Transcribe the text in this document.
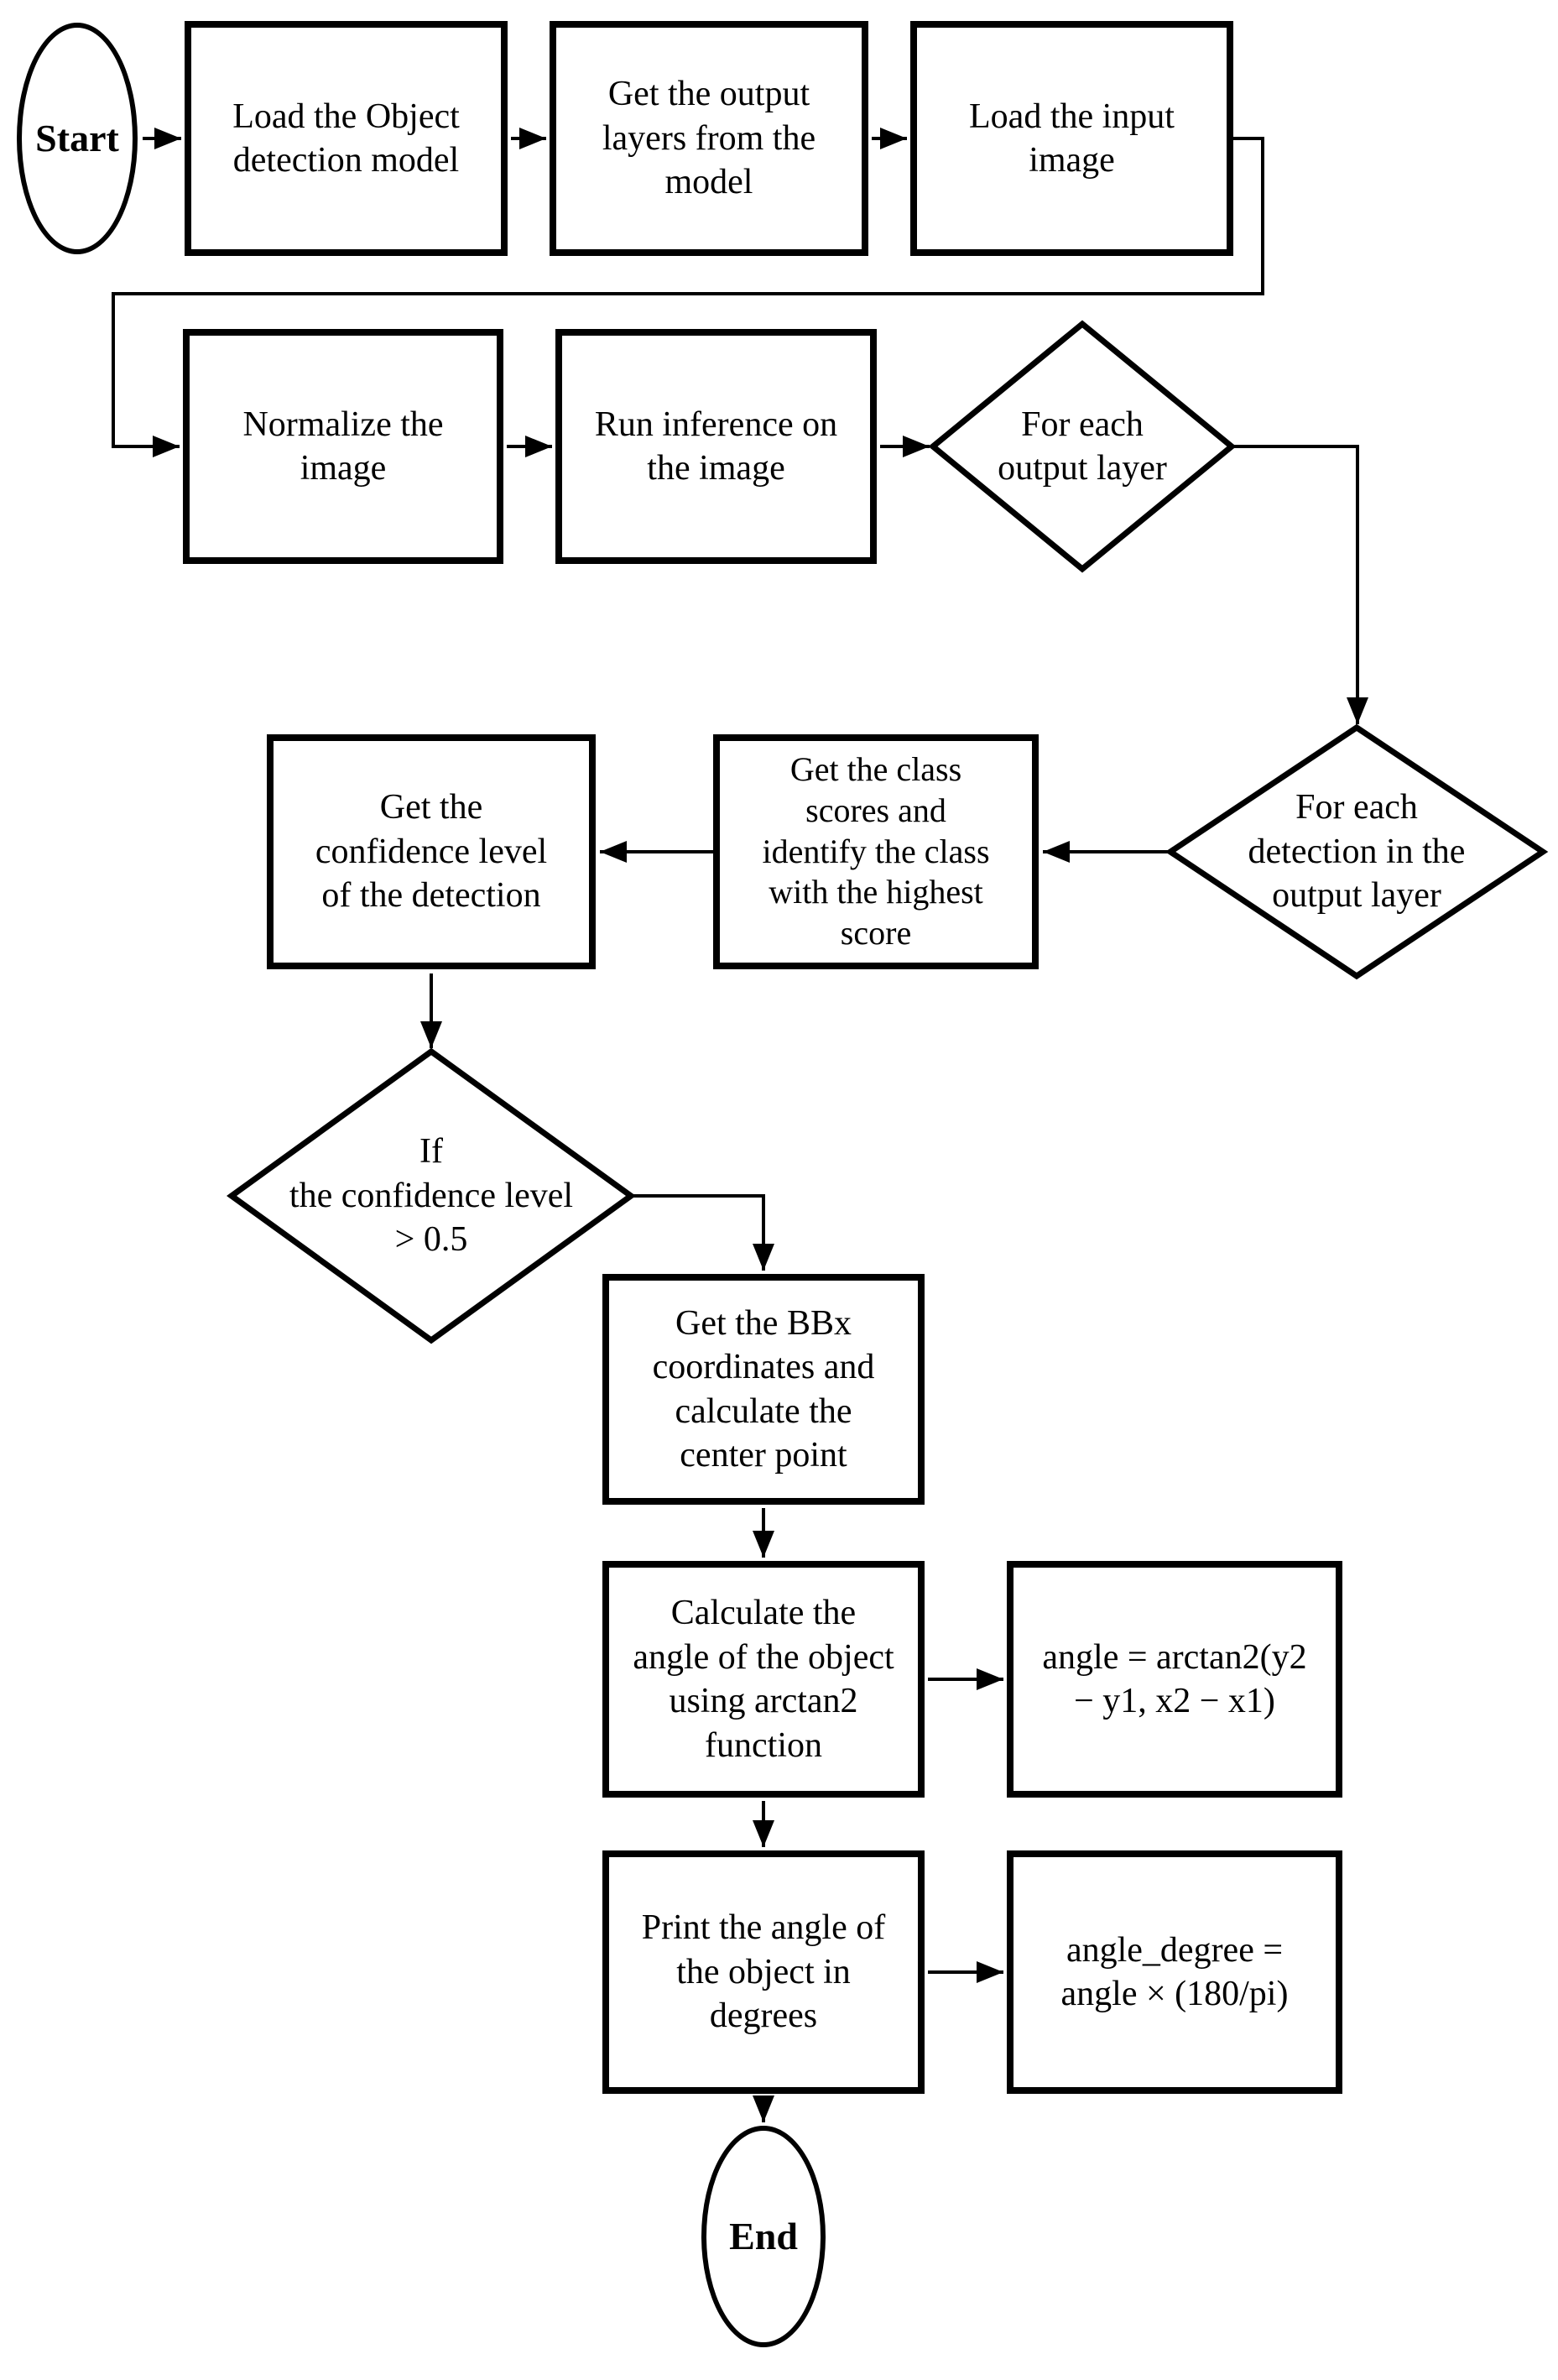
Start
End
Load the Object
detection model
Get the output
layers from the
model
Load the input
image
Normalize the
image
Run inference on
the image
Get the
confidence level
of the detection
Get the class
scores and
identify the class
with the highest
score
Get the BBx
coordinates and
calculate the
center point
Calculate the
angle of the object
using arctan2
function
angle = arctan2(y2
− y1, x2 − x1)
Print the angle of
the object in
degrees
angle_degree =
angle × (180/pi)
For each
output layer
For each
detection in the
output layer
If
the confidence level
> 0.5
